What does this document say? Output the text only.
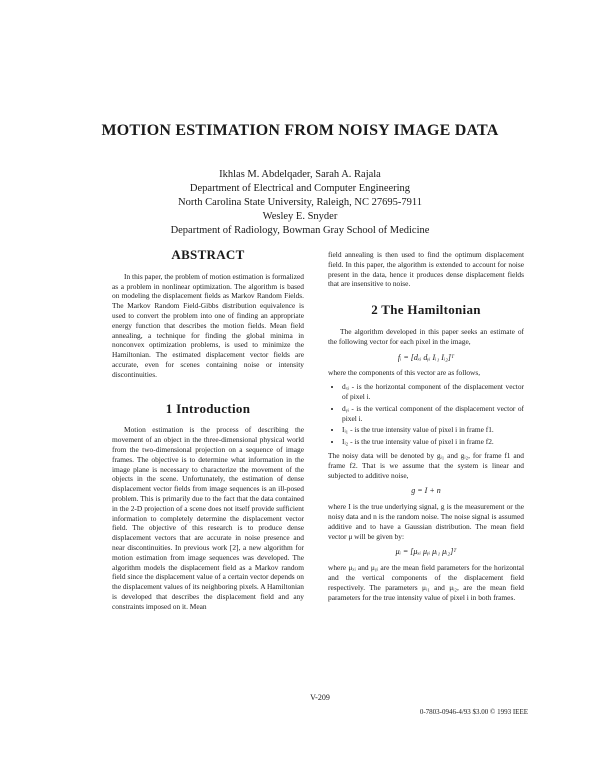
MOTION ESTIMATION FROM NOISY IMAGE DATA
Ikhlas M. Abdelqader, Sarah A. Rajala
Department of Electrical and Computer Engineering
North Carolina State University, Raleigh, NC 27695-7911
Wesley E. Snyder
Department of Radiology, Bowman Gray School of Medicine
ABSTRACT

In this paper, the problem of motion estimation is formalized as a problem in nonlinear optimization. The algorithm is based on modeling the displacement fields as Markov Random Fields. The Markov Random Field-Gibbs distribution equivalence is used to convert the problem into one of finding an appropriate energy function that describes the motion fields. Mean field annealing, a technique for finding the global minima in nonconvex optimization problems, is used to minimize the Hamiltonian. The estimated displacement vector fields are accurate, even for scenes containing noise or intensity discontinuities.

1 Introduction

Motion estimation is the process of describing the movement of an object in the three-dimensional physical world from the two-dimensional projection on a sequence of image frames. The objective is to determine what information in the image plane is necessary to characterize the movement of the objects in the scene. Unfortunately, the estimation of dense displacement vector fields from image sequences is an ill-posed problem. This is primarily due to the fact that the data contained in the 2-D projection of a scene does not itself provide sufficient information to completely determine the displacement vector field. The objective of this research is to produce dense displacement vectors that are accurate in noise presence and near discontinuities. In previous work [2], a new algorithm for motion estimation from image sequences was developed. The algorithm models the displacement field as a Markov random field since the displacement value of a certain vector depends on the displacement values of its neighboring pixels. A Hamiltonian is developed that describes the displacement field and any constraints imposed on it. Mean

field annealing is then used to find the optimum displacement field. In this paper, the algorithm is extended to account for noise present in the data, hence it produces dense displacement fields that are insensitive to noise.

2 The Hamiltonian

The algorithm developed in this paper seeks an estimate of the following vector for each pixel in the image,

fᵢ = [dₓᵢ dᵧᵢ Iᵢ₁ Iᵢ₂]ᵀ

where the components of this vector are as follows,

• dₓᵢ - is the horizontal component of the displacement vector of pixel i.
• dᵧᵢ - is the vertical component of the displacement vector of pixel i.
• Iᵢ₁ - is the true intensity value of pixel i in frame f1.
• Iᵢ₂ - is the true intensity value of pixel i in frame f2.

The noisy data will be denoted by gᵢ₁ and gᵢ₂, for frame f1 and frame f2. That is we assume that the system is linear and subjected to additive noise,

g = I + n

where I is the true underlying signal, g is the measurement or the noisy data and n is the random noise. The noise signal is assumed additive and to have a Gaussian distribution. The mean field vector μ will be given by:

μᵢ = [μₓᵢ μᵧᵢ μᵢ₁ μᵢ₂]ᵀ

where μₓᵢ and μᵧᵢ are the mean field parameters for the horizontal and the vertical components of the displacement field respectively. The parameters μᵢ₁ and μᵢ₂, are the mean field parameters for the true intensity value of pixel i in both frames.

V-209
0-7803-0946-4/93 $3.00 © 1993 IEEE
